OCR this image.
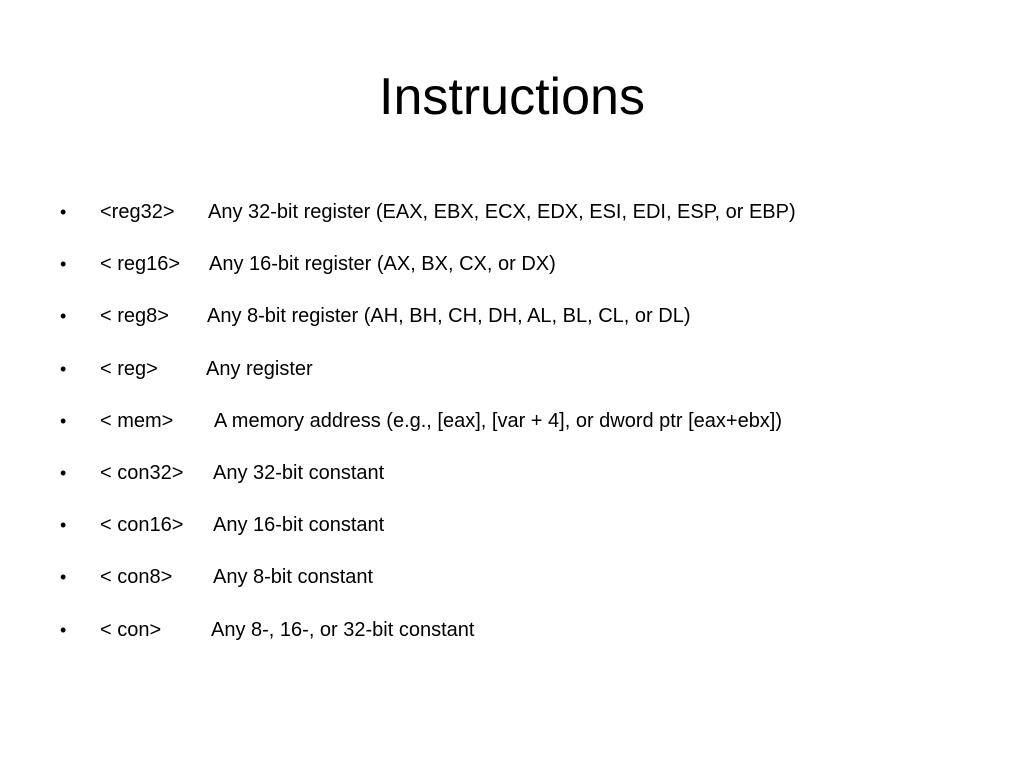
Instructions
•	<reg32> Any 32-bit register (EAX, EBX, ECX, EDX, ESI, EDI, ESP, or EBP)
•	< reg16> Any 16-bit register (AX, BX, CX, or DX)
•	< reg8> Any 8-bit register (AH, BH, CH, DH, AL, BL, CL, or DL)
•	< reg> Any register
•	< mem> A memory address (e.g., [eax], [var + 4], or dword ptr [eax+ebx])
•	< con32> Any 32-bit constant
•	< con16> Any 16-bit constant
•	< con8> Any 8-bit constant
•	< con> Any 8-, 16-, or 32-bit constant
